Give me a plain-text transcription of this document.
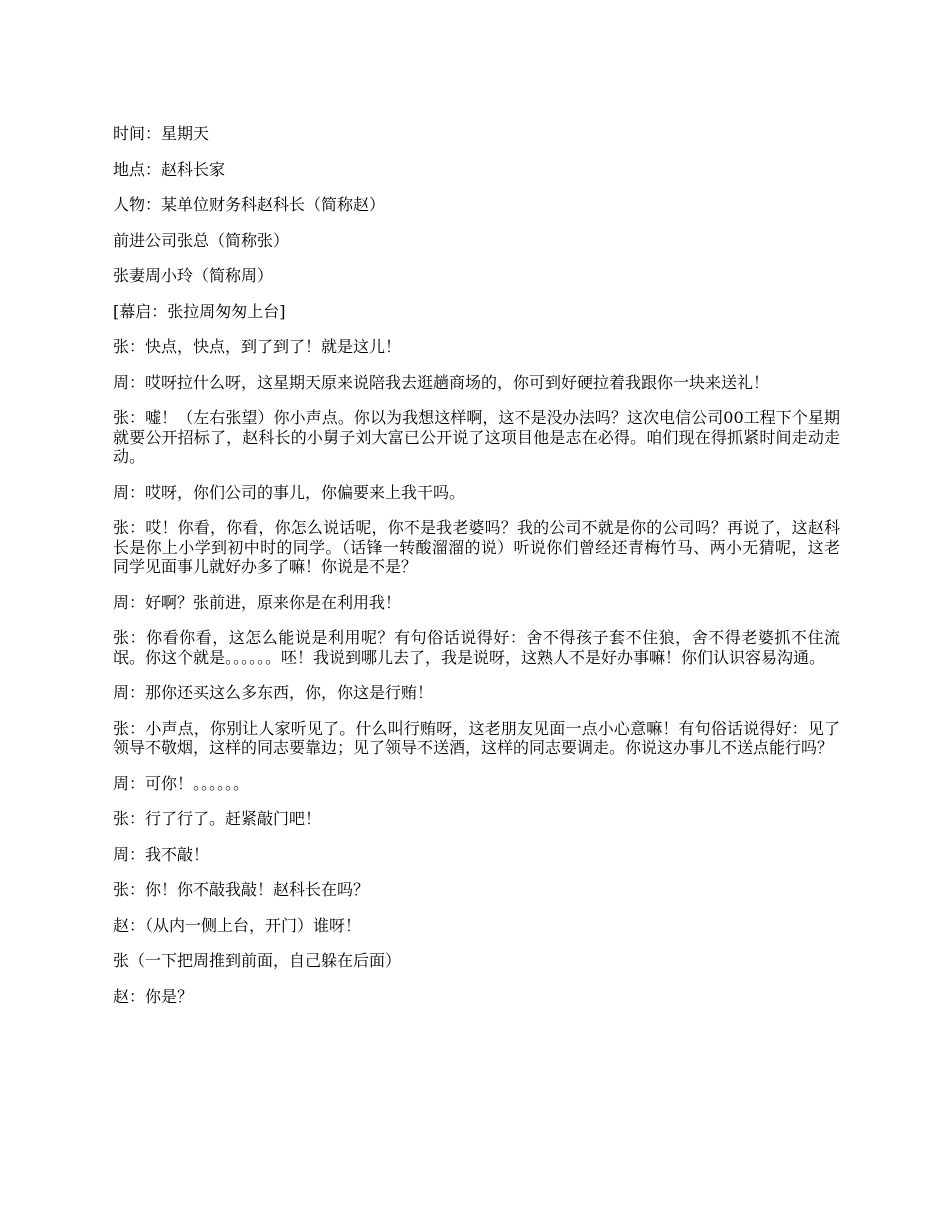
时间：星期天

地点：赵科长家

人物：某单位财务科赵科长（简称赵）

前进公司张总（简称张）

张妻周小玲（简称周）

[幕启：张拉周匆匆上台]

张：快点，快点，到了到了！就是这儿！

周：哎呀拉什么呀，这星期天原来说陪我去逛趟商场的，你可到好硬拉着我跟你一块来送礼！

张：嘘！（左右张望）你小声点。你以为我想这样啊，这不是没办法吗？这次电信公司00工程下个星期就要公开招标了，赵科长的小舅子刘大富已公开说了这项目他是志在必得。咱们现在得抓紧时间走动走动。

周：哎呀，你们公司的事儿，你偏要来上我干吗。

张：哎！你看，你看，你怎么说话呢，你不是我老婆吗？我的公司不就是你的公司吗？再说了，这赵科长是你上小学到初中时的同学。（话锋一转酸溜溜的说）听说你们曾经还青梅竹马、两小无猜呢，这老同学见面事儿就好办多了嘛！你说是不是？

周：好啊？张前进，原来你是在利用我！

张：你看你看，这怎么能说是利用呢？有句俗话说得好：舍不得孩子套不住狼，舍不得老婆抓不住流氓。你这个就是。。。。。。呸！我说到哪儿去了，我是说呀，这熟人不是好办事嘛！你们认识容易沟通。

周：那你还买这么多东西，你，你这是行贿！

张：小声点，你别让人家听见了。什么叫行贿呀，这老朋友见面一点小心意嘛！有句俗话说得好：见了领导不敬烟，这样的同志要靠边；见了领导不送酒，这样的同志要调走。你说这办事儿不送点能行吗？

周：可你！。。。。。。

张：行了行了。赶紧敲门吧！

周：我不敲！

张：你！你不敲我敲！赵科长在吗？

赵：（从内一侧上台，开门）谁呀！

张（一下把周推到前面，自己躲在后面）

赵：你是？
